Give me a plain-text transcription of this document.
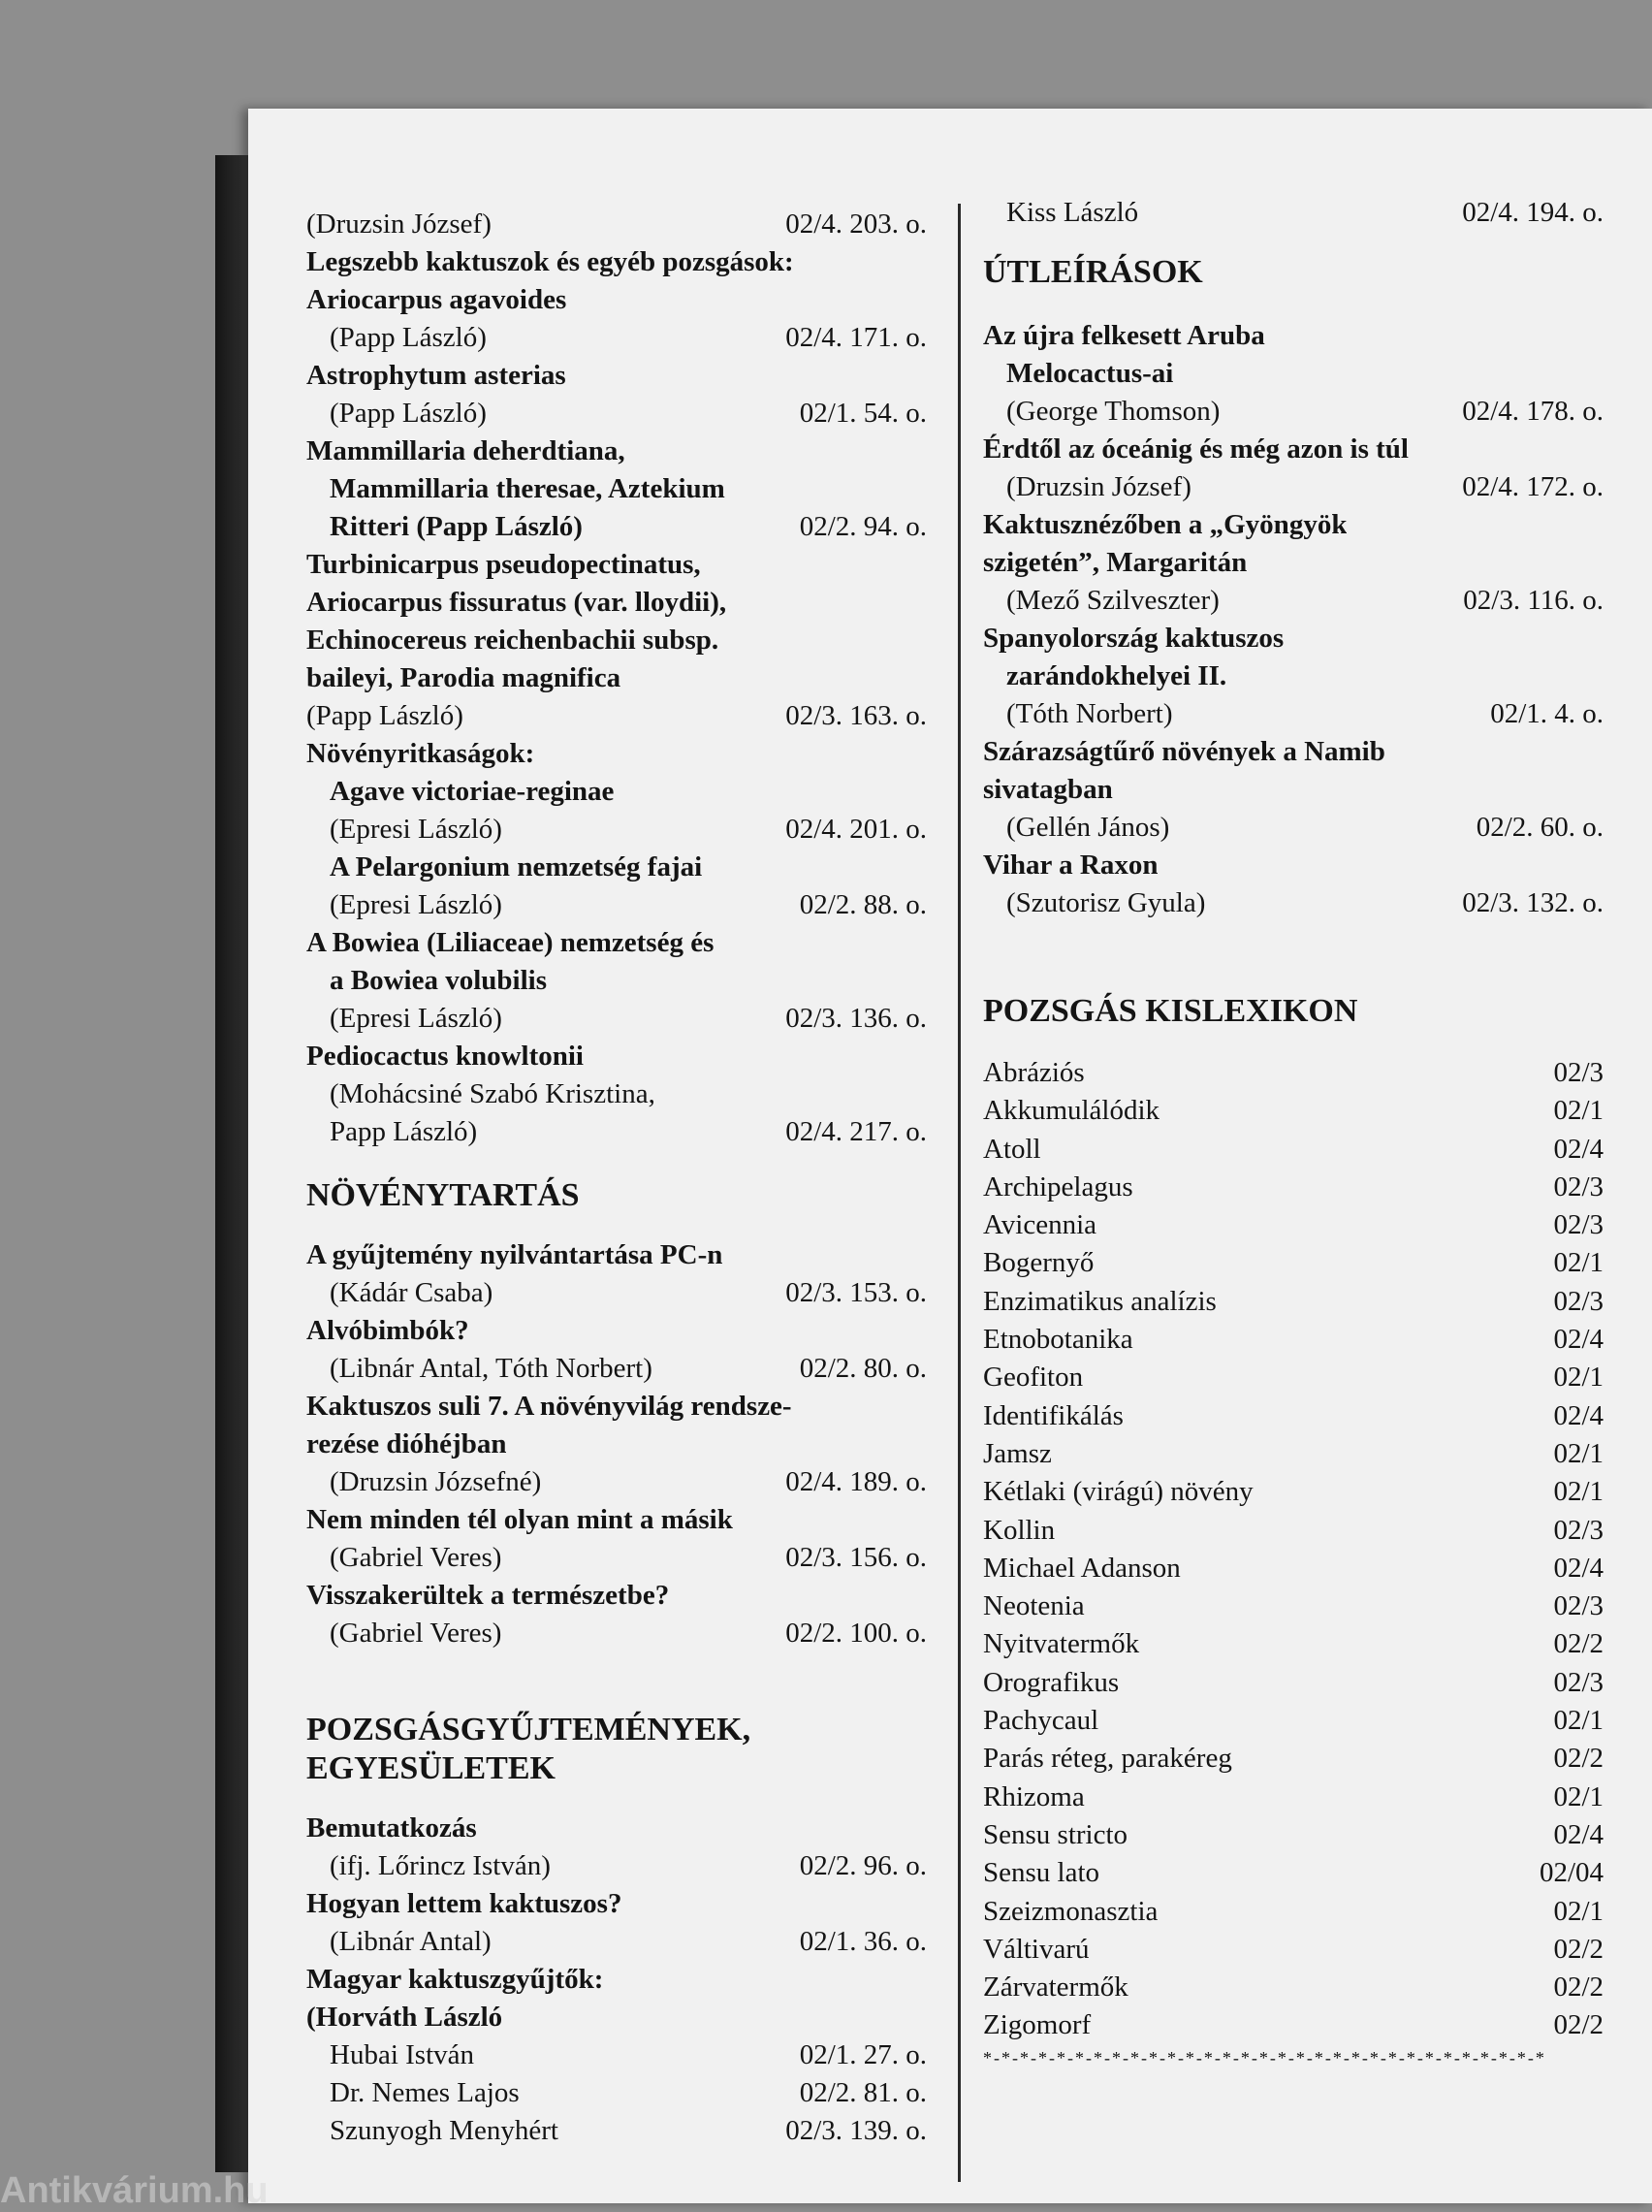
(Druzsin József)	02/4. 203. o.
Legszebb kaktuszok és egyéb pozsgások:
Ariocarpus agavoides
(Papp László)	02/4. 171. o.
Astrophytum asterias
(Papp László)	02/1. 54. o.
Mammillaria deherdtiana,
Mammillaria theresae, Aztekium
Ritteri (Papp László)	02/2. 94. o.
Turbinicarpus pseudopectinatus,
Ariocarpus fissuratus (var. lloydii),
Echinocereus reichenbachii subsp.
baileyi, Parodia magnifica
(Papp László)	02/3. 163. o.
Növényritkaságok:
Agave victoriae-reginae
(Epresi László)	02/4. 201. o.
A Pelargonium nemzetség fajai
(Epresi László)	02/2. 88. o.
A Bowiea (Liliaceae) nemzetség és
a Bowiea volubilis
(Epresi László)	02/3. 136. o.
Pediocactus knowltonii
(Mohácsiné Szabó Krisztina,
Papp László)	02/4. 217. o.
NÖVÉNYTARTÁS
A gyűjtemény nyilvántartása PC-n
(Kádár Csaba)	02/3. 153. o.
Alvóbimbók?
(Libnár Antal, Tóth Norbert)	02/2. 80. o.
Kaktuszos suli 7. A növényvilág rendsze-
rezése dióhéjban
(Druzsin Józsefné)	02/4. 189. o.
Nem minden tél olyan mint a másik
(Gabriel Veres)	02/3. 156. o.
Visszakerültek a természetbe?
(Gabriel Veres)	02/2. 100. o.
POZSGÁSGYŰJTEMÉNYEK,
EGYESÜLETEK
Bemutatkozás
(ifj. Lőrincz István)	02/2. 96. o.
Hogyan lettem kaktuszos?
(Libnár Antal)	02/1. 36. o.
Magyar kaktuszgyűjtők:
(Horváth László
Hubai István	02/1. 27. o.
Dr. Nemes Lajos	02/2. 81. o.
Szunyogh Menyhért	02/3. 139. o.
Kiss László	02/4. 194. o.
ÚTLEÍRÁSOK
Az újra felkesett Aruba
Melocactus-ai
(George Thomson)	02/4. 178. o.
Érdtől az óceánig és még azon is túl
(Druzsin József)	02/4. 172. o.
Kaktusznézőben a „Gyöngyök
szigetén”, Margaritán
(Mező Szilveszter)	02/3. 116. o.
Spanyolország kaktuszos
zarándokhelyei II.
(Tóth Norbert)	02/1. 4. o.
Szárazságtűrő növények a Namib
sivatagban
(Gellén János)	02/2. 60. o.
Vihar a Raxon
(Szutorisz Gyula)	02/3. 132. o.
POZSGÁS KISLEXIKON
Abráziós	02/3
Akkumulálódik	02/1
Atoll	02/4
Archipelagus	02/3
Avicennia	02/3
Bogernyő	02/1
Enzimatikus analízis	02/3
Etnobotanika	02/4
Geofiton	02/1
Identifikálás	02/4
Jamsz	02/1
Kétlaki (virágú) növény	02/1
Kollin	02/3
Michael Adanson	02/4
Neotenia	02/3
Nyitvatermők	02/2
Orografikus	02/3
Pachycaul	02/1
Parás réteg, parakéreg	02/2
Rhizoma	02/1
Sensu stricto	02/4
Sensu lato	02/04
Szeizmonasztia	02/1
Váltivarú	02/2
Zárvatermők	02/2
Zigomorf	02/2
*-*-*-*-*-*-*-*-*-*-*-*-*-*-*-*-*-*-*-*-*-*-*-*-*-*-*-*-*-*-*
Antikvárium.hu
